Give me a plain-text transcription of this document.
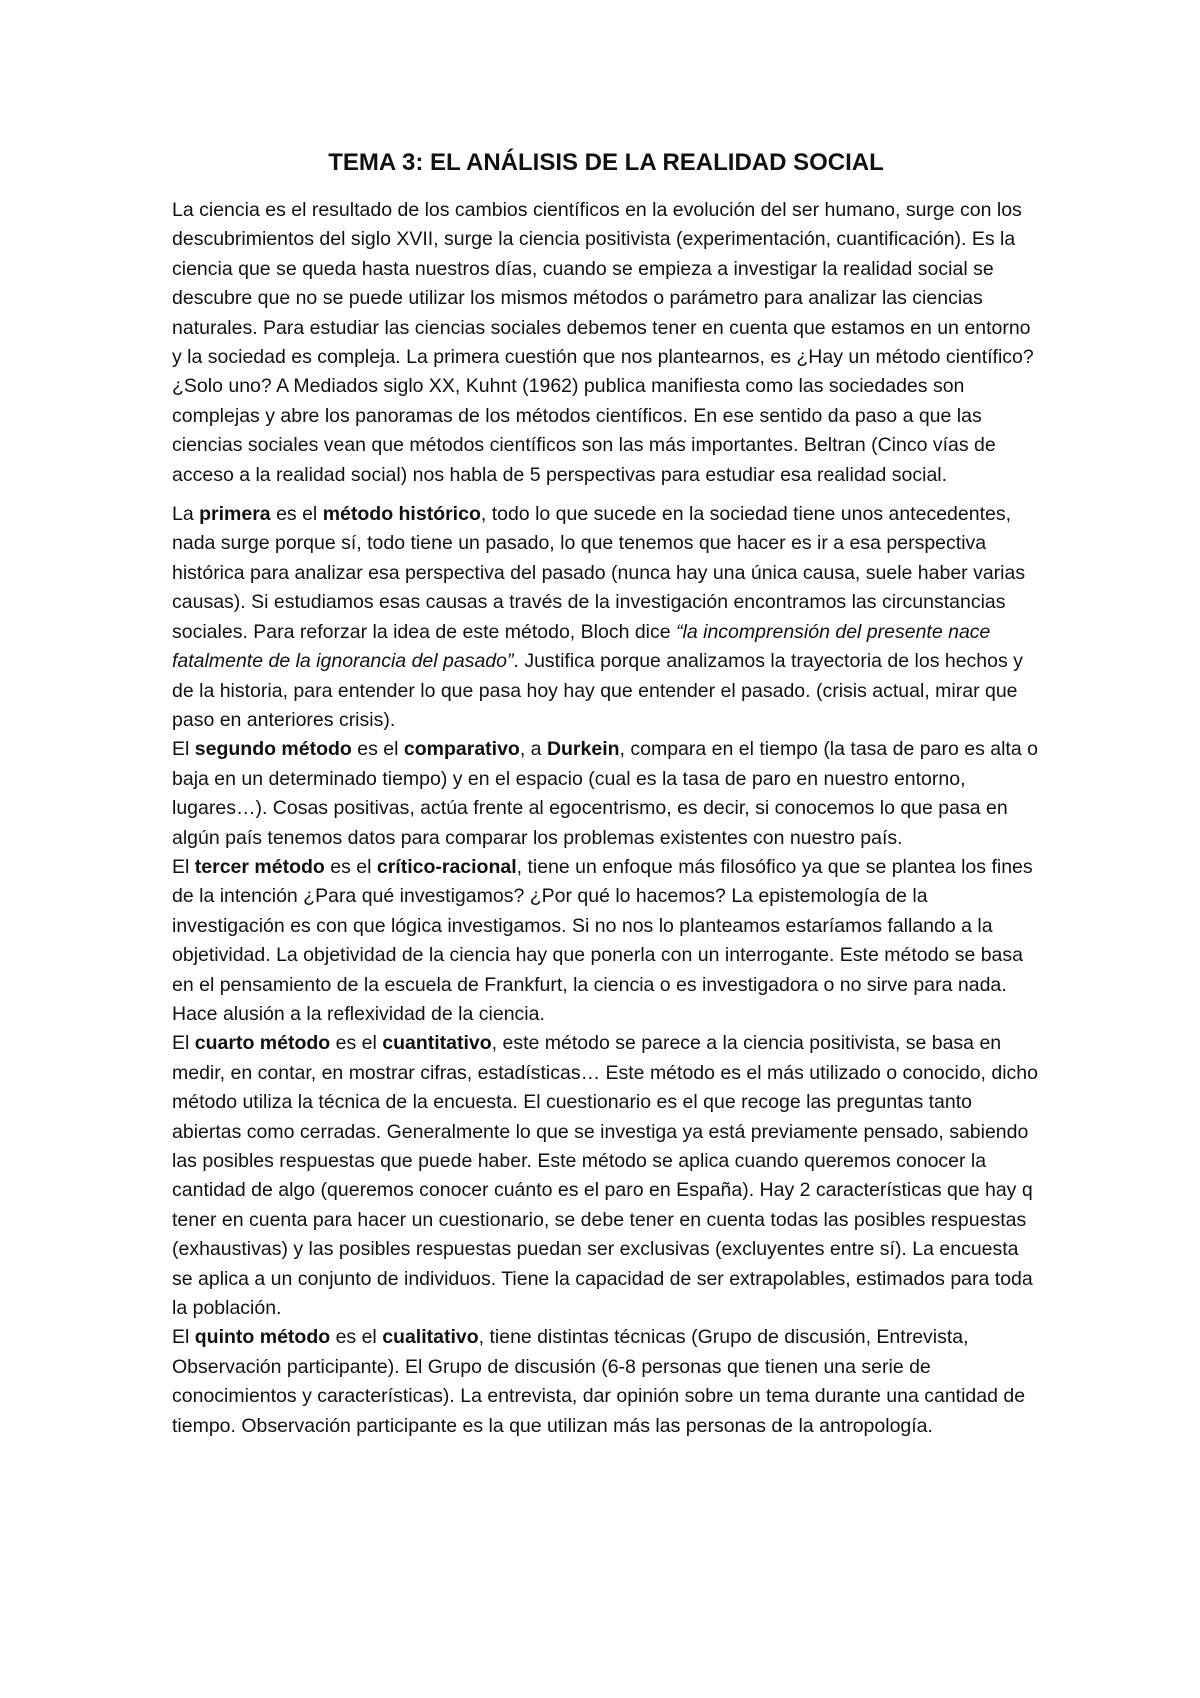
TEMA 3: EL ANÁLISIS DE LA REALIDAD SOCIAL

La ciencia es el resultado de los cambios científicos en la evolución del ser humano, surge con los descubrimientos del siglo XVII, surge la ciencia positivista (experimentación, cuantificación). Es la ciencia que se queda hasta nuestros días, cuando se empieza a investigar la realidad social se descubre que no se puede utilizar los mismos métodos o parámetro para analizar las ciencias naturales. Para estudiar las ciencias sociales debemos tener en cuenta que estamos en un entorno y la sociedad es compleja. La primera cuestión que nos plantearnos, es ¿Hay un método científico? ¿Solo uno? A Mediados siglo XX, Kuhnt (1962) publica manifiesta como las sociedades son complejas y abre los panoramas de los métodos científicos. En ese sentido da paso a que las ciencias sociales vean que métodos científicos son las más importantes. Beltran (Cinco vías de acceso a la realidad social) nos habla de 5 perspectivas para estudiar esa realidad social.

La primera es el método histórico, todo lo que sucede en la sociedad tiene unos antecedentes, nada surge porque sí, todo tiene un pasado, lo que tenemos que hacer es ir a esa perspectiva histórica para analizar esa perspectiva del pasado (nunca hay una única causa, suele haber varias causas). Si estudiamos esas causas a través de la investigación encontramos las circunstancias sociales. Para reforzar la idea de este método, Bloch dice “la incomprensión del presente nace fatalmente de la ignorancia del pasado”. Justifica porque analizamos la trayectoria de los hechos y de la historia, para entender lo que pasa hoy hay que entender el pasado. (crisis actual, mirar que paso en anteriores crisis).

El segundo método es el comparativo, a Durkein, compara en el tiempo (la tasa de paro es alta o baja en un determinado tiempo) y en el espacio (cual es la tasa de paro en nuestro entorno, lugares…). Cosas positivas, actúa frente al egocentrismo, es decir, si conocemos lo que pasa en algún país tenemos datos para comparar los problemas existentes con nuestro país.

El tercer método es el crítico-racional, tiene un enfoque más filosófico ya que se plantea los fines de la intención ¿Para qué investigamos? ¿Por qué lo hacemos? La epistemología de la investigación es con que lógica investigamos. Si no nos lo planteamos estaríamos fallando a la objetividad. La objetividad de la ciencia hay que ponerla con un interrogante. Este método se basa en el pensamiento de la escuela de Frankfurt, la ciencia o es investigadora o no sirve para nada. Hace alusión a la reflexividad de la ciencia.

El cuarto método es el cuantitativo, este método se parece a la ciencia positivista, se basa en medir, en contar, en mostrar cifras, estadísticas… Este método es el más utilizado o conocido, dicho método utiliza la técnica de la encuesta. El cuestionario es el que recoge las preguntas tanto abiertas como cerradas. Generalmente lo que se investiga ya está previamente pensado, sabiendo las posibles respuestas que puede haber. Este método se aplica cuando queremos conocer la cantidad de algo (queremos conocer cuánto es el paro en España). Hay 2 características que hay q tener en cuenta para hacer un cuestionario, se debe tener en cuenta todas las posibles respuestas (exhaustivas) y las posibles respuestas puedan ser exclusivas (excluyentes entre sí). La encuesta se aplica a un conjunto de individuos. Tiene la capacidad de ser extrapolables, estimados para toda la población.

El quinto método es el cualitativo, tiene distintas técnicas (Grupo de discusión, Entrevista, Observación participante). El Grupo de discusión (6-8 personas que tienen una serie de conocimientos y características). La entrevista, dar opinión sobre un tema durante una cantidad de tiempo. Observación participante es la que utilizan más las personas de la antropología.
